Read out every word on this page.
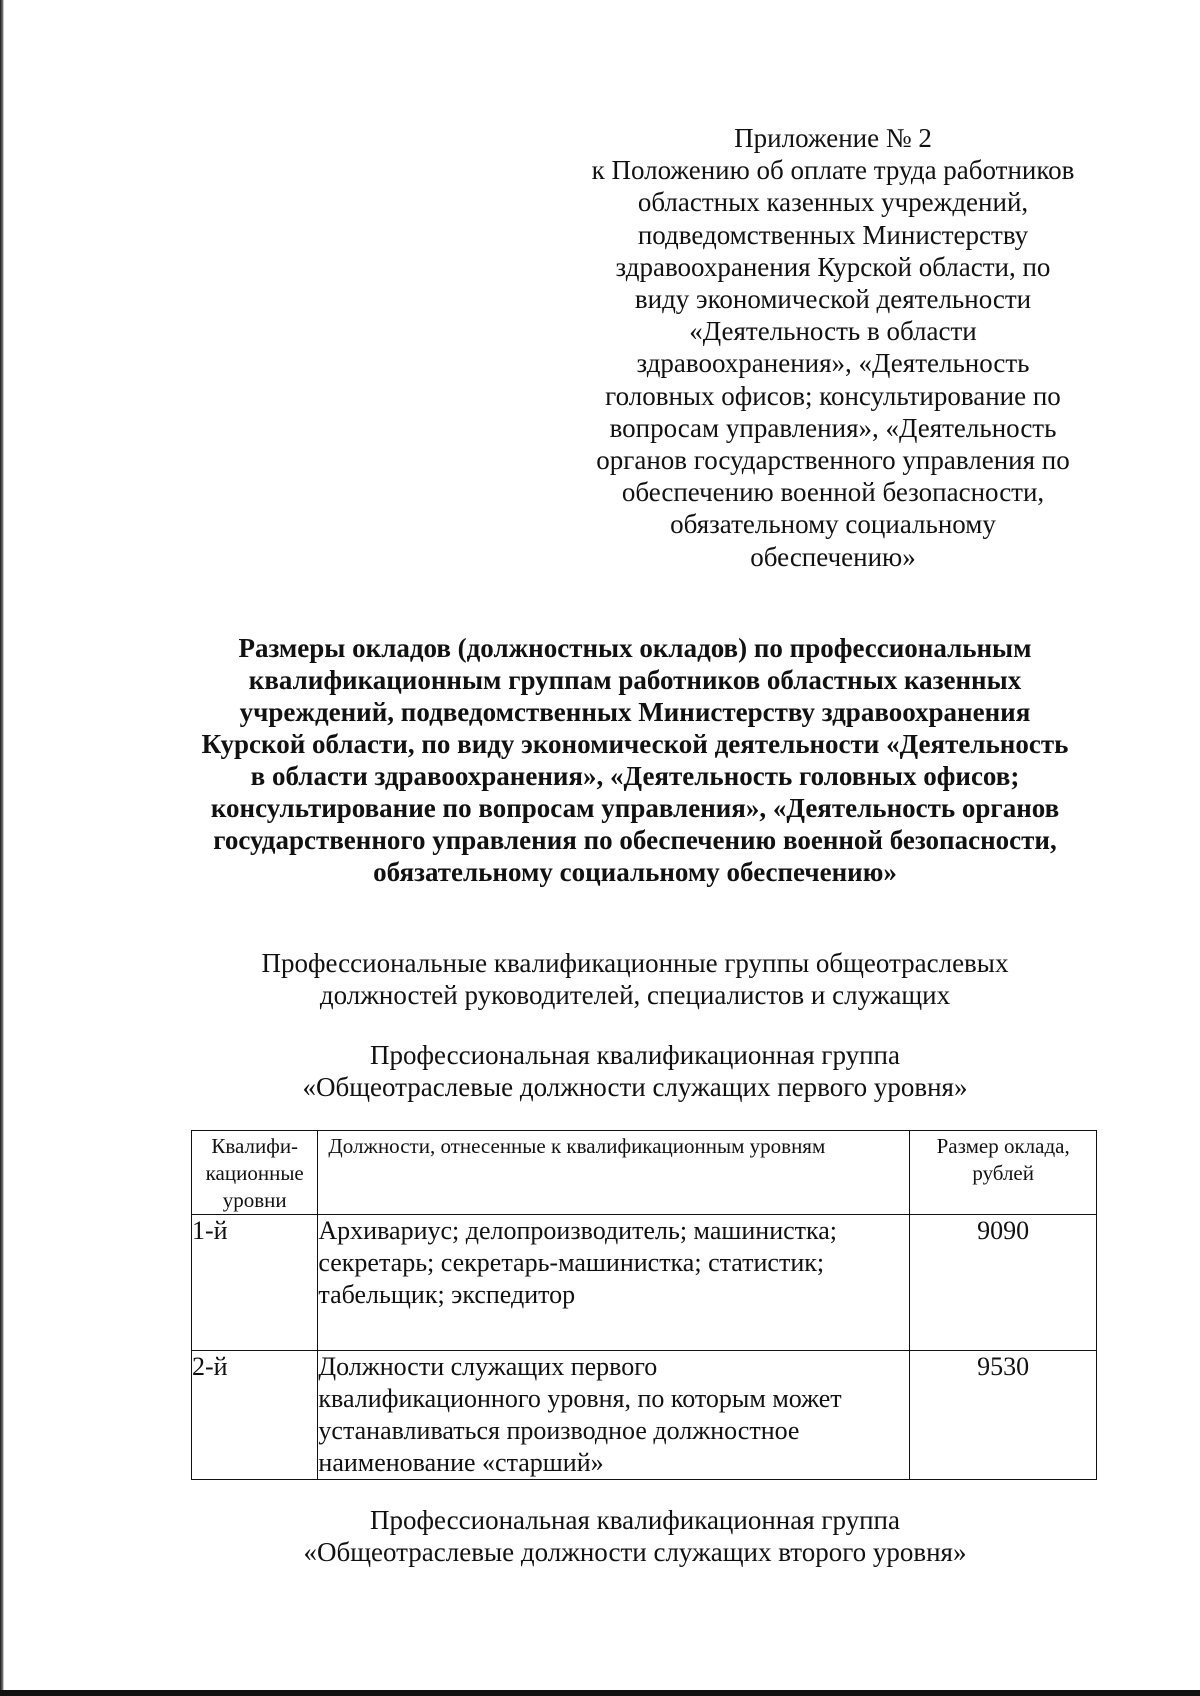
Приложение № 2
к Положению об оплате труда работников
областных казенных учреждений,
подведомственных Министерству
здравоохранения Курской области, по
виду экономической деятельности
«Деятельность в области
здравоохранения», «Деятельность
головных офисов; консультирование по
вопросам управления», «Деятельность
органов государственного управления по
обеспечению военной безопасности,
обязательному социальному
обеспечению»
Размеры окладов (должностных окладов) по профессиональным
квалификационным группам работников областных казенных
учреждений, подведомственных Министерству здравоохранения
Курской области, по виду экономической деятельности «Деятельность
в области здравоохранения», «Деятельность головных офисов;
консультирование по вопросам управления», «Деятельность органов
государственного управления по обеспечению военной безопасности,
обязательному социальному обеспечению»
Профессиональные квалификационные группы общеотраслевых
должностей руководителей, специалистов и служащих
Профессиональная квалификационная группа
«Общеотраслевые должности служащих первого уровня»
Квалифи-
кационные
уровни	Должности, отнесенные к квалификационным уровням	Размер оклада,
рублей

1-й	Архивариус; делопроизводитель; машинистка;
секретарь; секретарь-машинистка; статистик;
табельщик; экспедитор	9090
2-й	Должности служащих первого
квалификационного уровня, по которым может
устанавливаться производное должностное
наименование «старший»	9530
Профессиональная квалификационная группа
«Общеотраслевые должности служащих второго уровня»
